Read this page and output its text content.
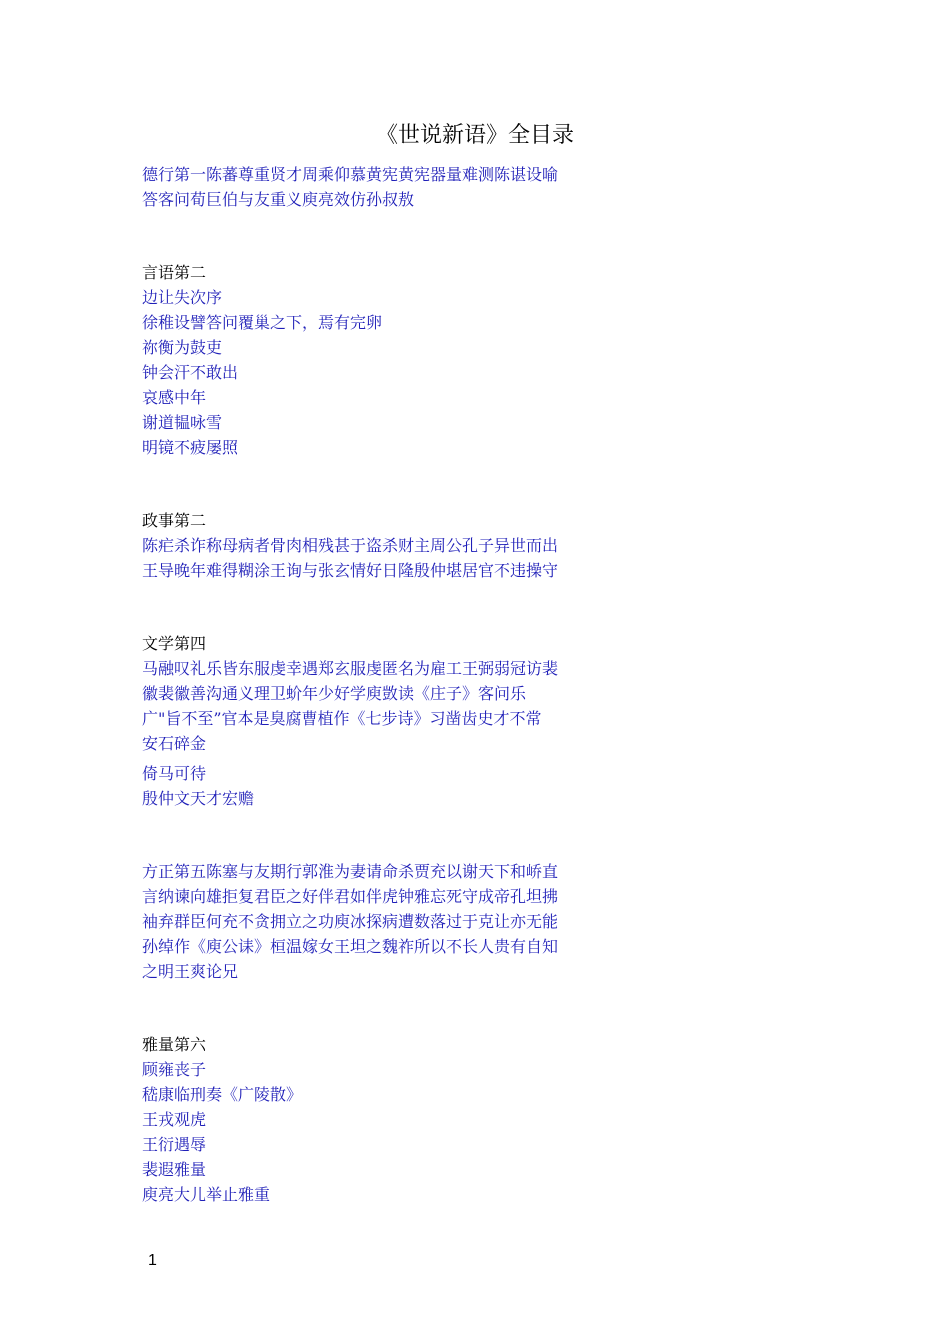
《世说新语》全目录
德行第一陈蕃尊重贤才周乘仰慕黄宪黄宪器量难测陈谌设喻
答客问荀巨伯与友重义庾亮效仿孙叔敖
言语第二
边让失次序
徐稚设譬答问覆巢之下，焉有完卵
祢衡为鼓吏
钟会汗不敢出
哀感中年
谢道韫咏雪
明镜不疲屡照
政事第二
陈疟杀诈称母病者骨肉相残甚于盗杀财主周公孔子异世而出
王导晚年难得糊涂王询与张玄情好日隆殷仲堪居官不违操守
文学第四
马融叹礼乐皆东服虔幸遇郑玄服虔匿名为雇工王弼弱冠访裴
徽裴徽善沟通义理卫蚧年少好学庾敳读《庄子》客问乐
广"旨不至”官本是臭腐曹植作《七步诗》习凿齿史才不常
安石碎金
倚马可待
殷仲文天才宏赡
方正第五陈塞与友期行郭淮为妻请命杀贾充以谢天下和峤直
言纳谏向雄拒复君臣之好伴君如伴虎钟雅忘死守成帝孔坦拂
袖弃群臣何充不贪拥立之功庾冰探病遭数落过于克让亦无能
孙绰作《庾公诔》桓温嫁女王坦之魏祚所以不长人贵有自知
之明王爽论兄
雅量第六
顾雍丧子
嵇康临刑奏《广陵散》
王戎观虎
王衍遇辱
裴遐雅量
庾亮大儿举止雅重
1
